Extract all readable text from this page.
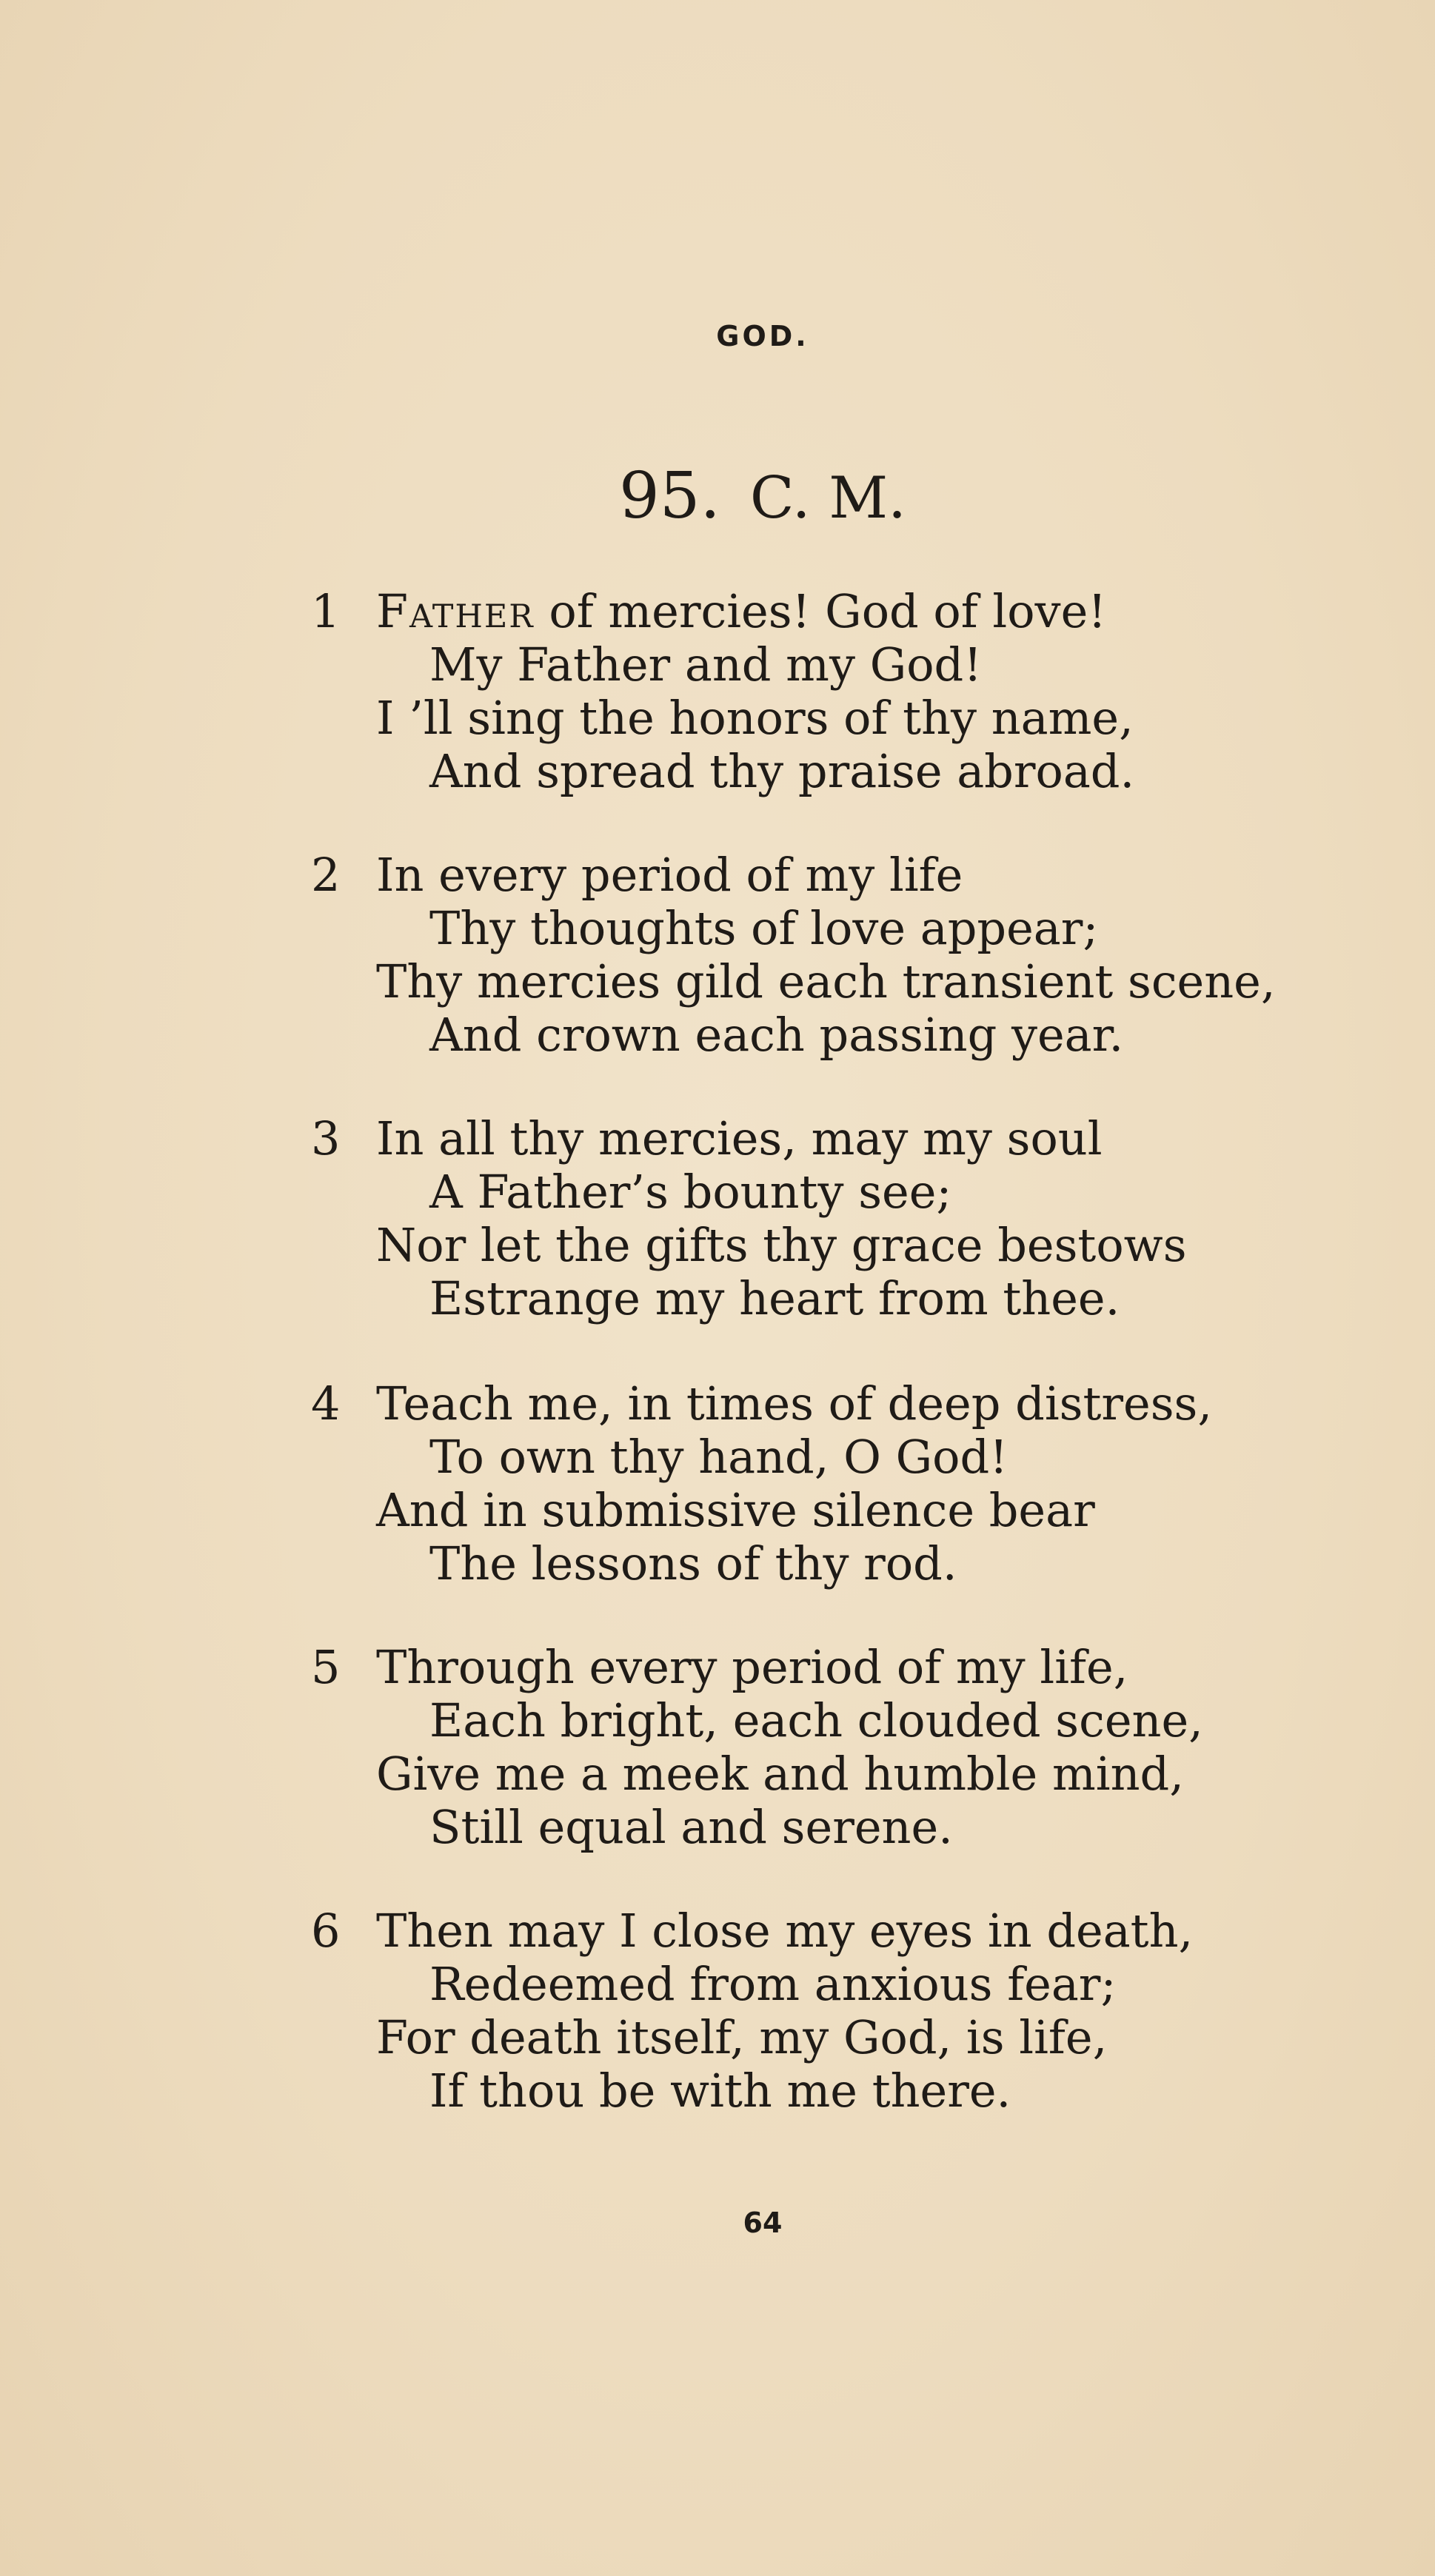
GOD.
95. C. M.
1 Father of mercies! God of love!
My Father and my God!
I ’ll sing the honors of thy name,
And spread thy praise abroad.
2 In every period of my life
Thy thoughts of love appear;
Thy mercies gild each transient scene,
And crown each passing year.
3 In all thy mercies, may my soul
A Father’s bounty see;
Nor let the gifts thy grace bestows
Estrange my heart from thee.
4 Teach me, in times of deep distress,
To own thy hand, O God!
And in submissive silence bear
The lessons of thy rod.
5 Through every period of my life,
Each bright, each clouded scene,
Give me a meek and humble mind,
Still equal and serene.
6 Then may I close my eyes in death,
Redeemed from anxious fear;
For death itself, my God, is life,
If thou be with me there.
64
